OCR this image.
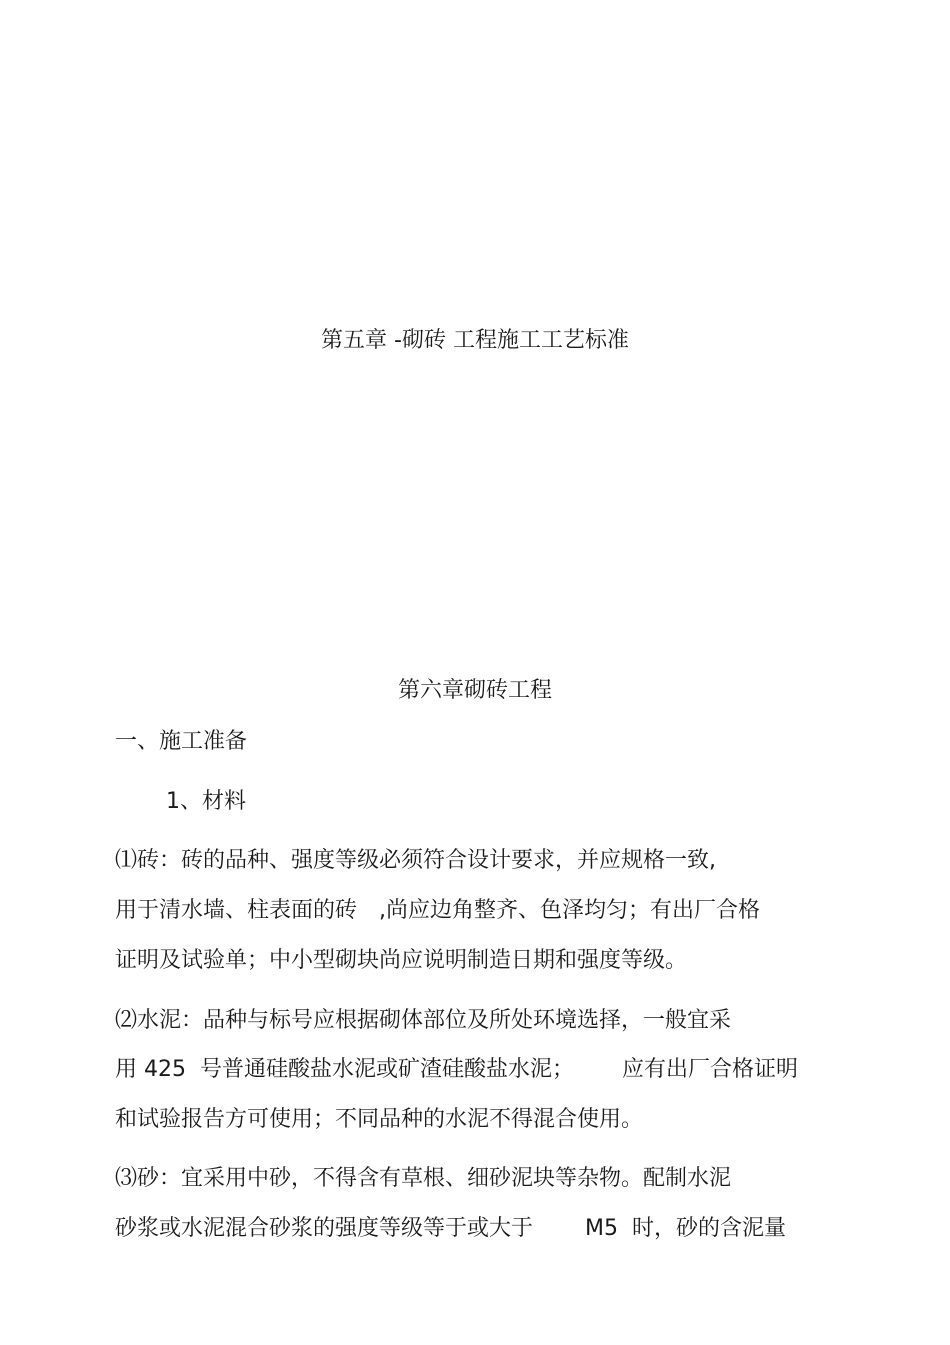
第五章 -砌砖 工程施工工艺标准

第六章砌砖工程

一、施工准备

1、材料

⑴砖：砖的品种、强度等级必须符合设计要求，并应规格一致,

用于清水墙、柱表面的砖 ,尚应边角整齐、色泽均匀；有出厂合格

证明及试验单；中小型砌块尚应说明制造日期和强度等级。

⑵水泥：品种与标号应根据砌体部位及所处环境选择，一般宜采

用 425  号普通硅酸盐水泥或矿渣硅酸盐水泥； 应有出厂合格证明

和试验报告方可使用；不同品种的水泥不得混合使用。

⑶砂：宜采用中砂，不得含有草根、细砂泥块等杂物。配制水泥

砂浆或水泥混合砂浆的强度等级等于或大于 M5  时，砂的含泥量
